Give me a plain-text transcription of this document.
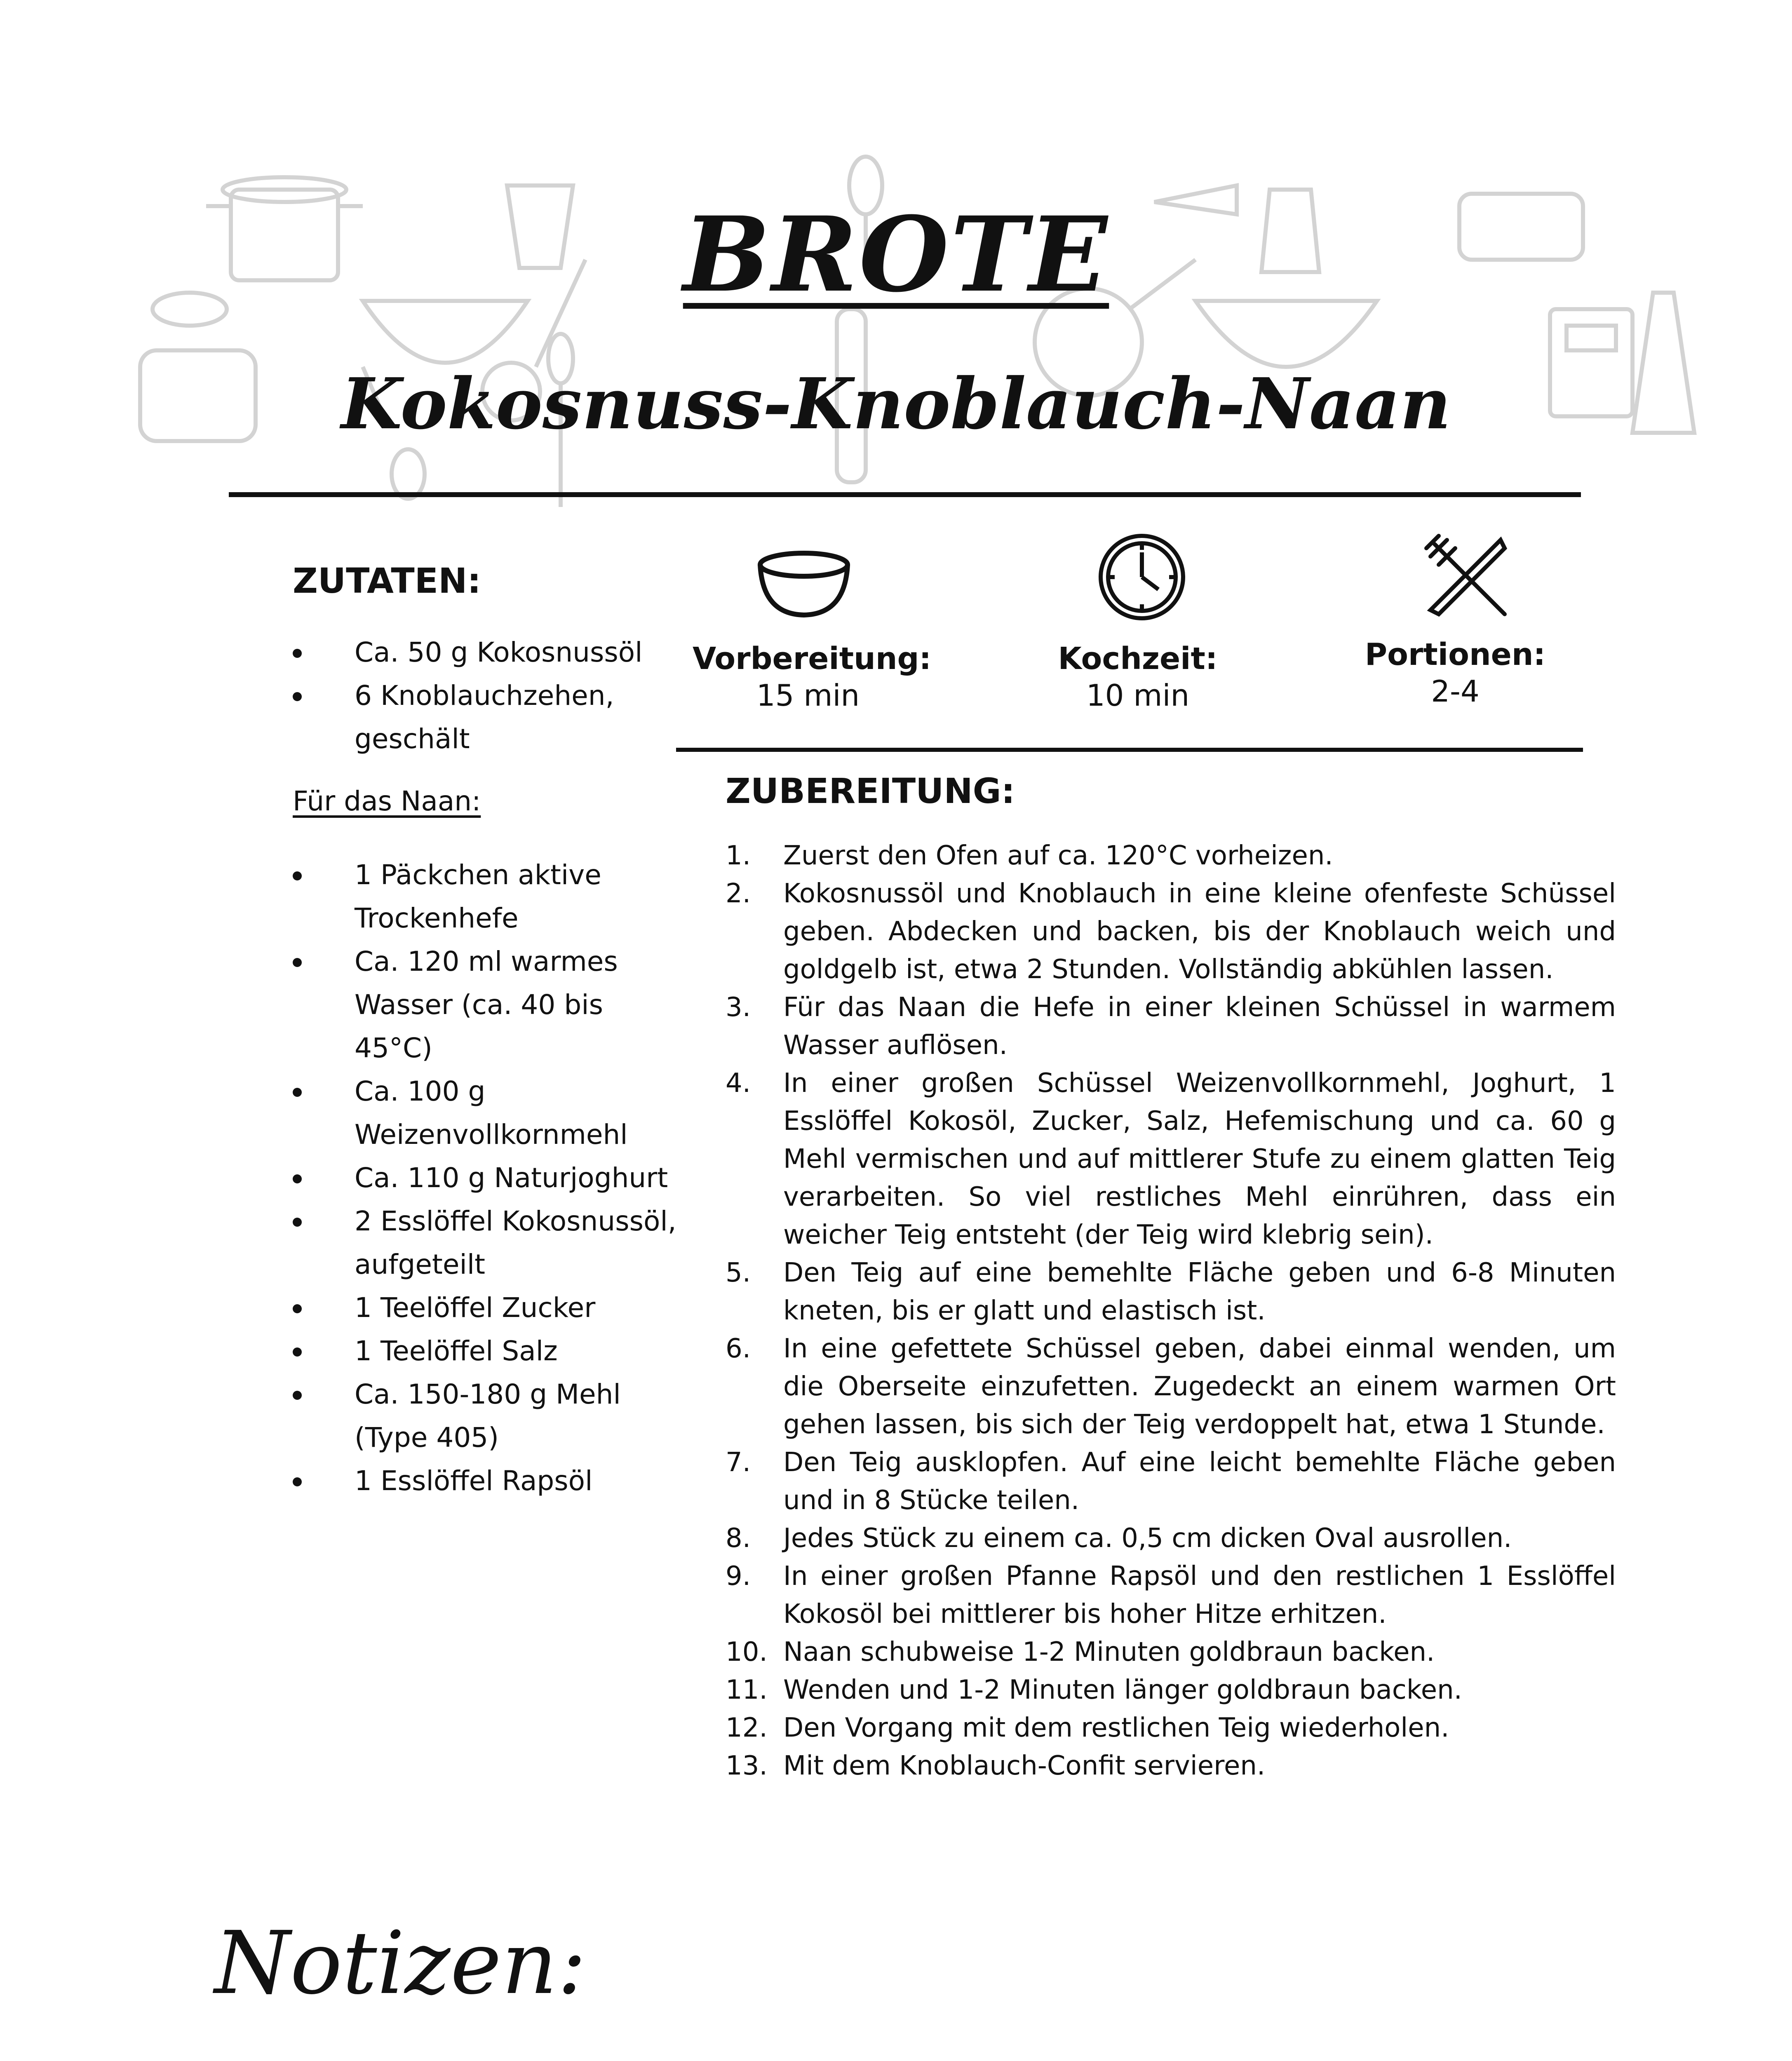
BROTE
Kokosnuss-Knoblauch-Naan
ZUTATEN:
Ca. 50 g Kokosnussöl
6 Knoblauchzehen, geschält
Für das Naan:
1 Päckchen aktive Trockenhefe
Ca. 120 ml warmes Wasser (ca. 40 bis 45°C)
Ca. 100 g Weizenvollkornmehl
Ca. 110 g Naturjoghurt
2 Esslöffel Kokosnussöl, aufgeteilt
1 Teelöffel Zucker
1 Teelöffel Salz
Ca. 150-180 g Mehl (Type 405)
1 Esslöffel Rapsöl
Vorbereitung:
15 min
Kochzeit:
10 min
Portionen:
2-4
ZUBEREITUNG:
1.	Zuerst den Ofen auf ca. 120°C vorheizen.
2.	Kokosnussöl und Knoblauch in eine kleine ofenfeste Schüssel geben. Abdecken und backen, bis der Knoblauch weich und goldgelb ist, etwa 2 Stunden. Vollständig abkühlen lassen.
3.	Für das Naan die Hefe in einer kleinen Schüssel in warmem Wasser auflösen.
4.	In einer großen Schüssel Weizenvollkornmehl, Joghurt, 1 Esslöffel Kokosöl, Zucker, Salz, Hefemischung und ca. 60 g Mehl vermischen und auf mittlerer Stufe zu einem glatten Teig verarbeiten. So viel restliches Mehl einrühren, dass ein weicher Teig entsteht (der Teig wird klebrig sein).
5.	Den Teig auf eine bemehlte Fläche geben und 6-8 Minuten kneten, bis er glatt und elastisch ist.
6.	In eine gefettete Schüssel geben, dabei einmal wenden, um die Oberseite einzufetten. Zugedeckt an einem warmen Ort gehen lassen, bis sich der Teig verdoppelt hat, etwa 1 Stunde.
7.	Den Teig ausklopfen. Auf eine leicht bemehlte Fläche geben und in 8 Stücke teilen.
8.	Jedes Stück zu einem ca. 0,5 cm dicken Oval ausrollen.
9.	In einer großen Pfanne Rapsöl und den restlichen 1 Esslöffel Kokosöl bei mittlerer bis hoher Hitze erhitzen.
10. Naan schubweise 1-2 Minuten goldbraun backen.
11. Wenden und 1-2 Minuten länger goldbraun backen.
12. Den Vorgang mit dem restlichen Teig wiederholen.
13. Mit dem Knoblauch-Confit servieren.
Notizen:
